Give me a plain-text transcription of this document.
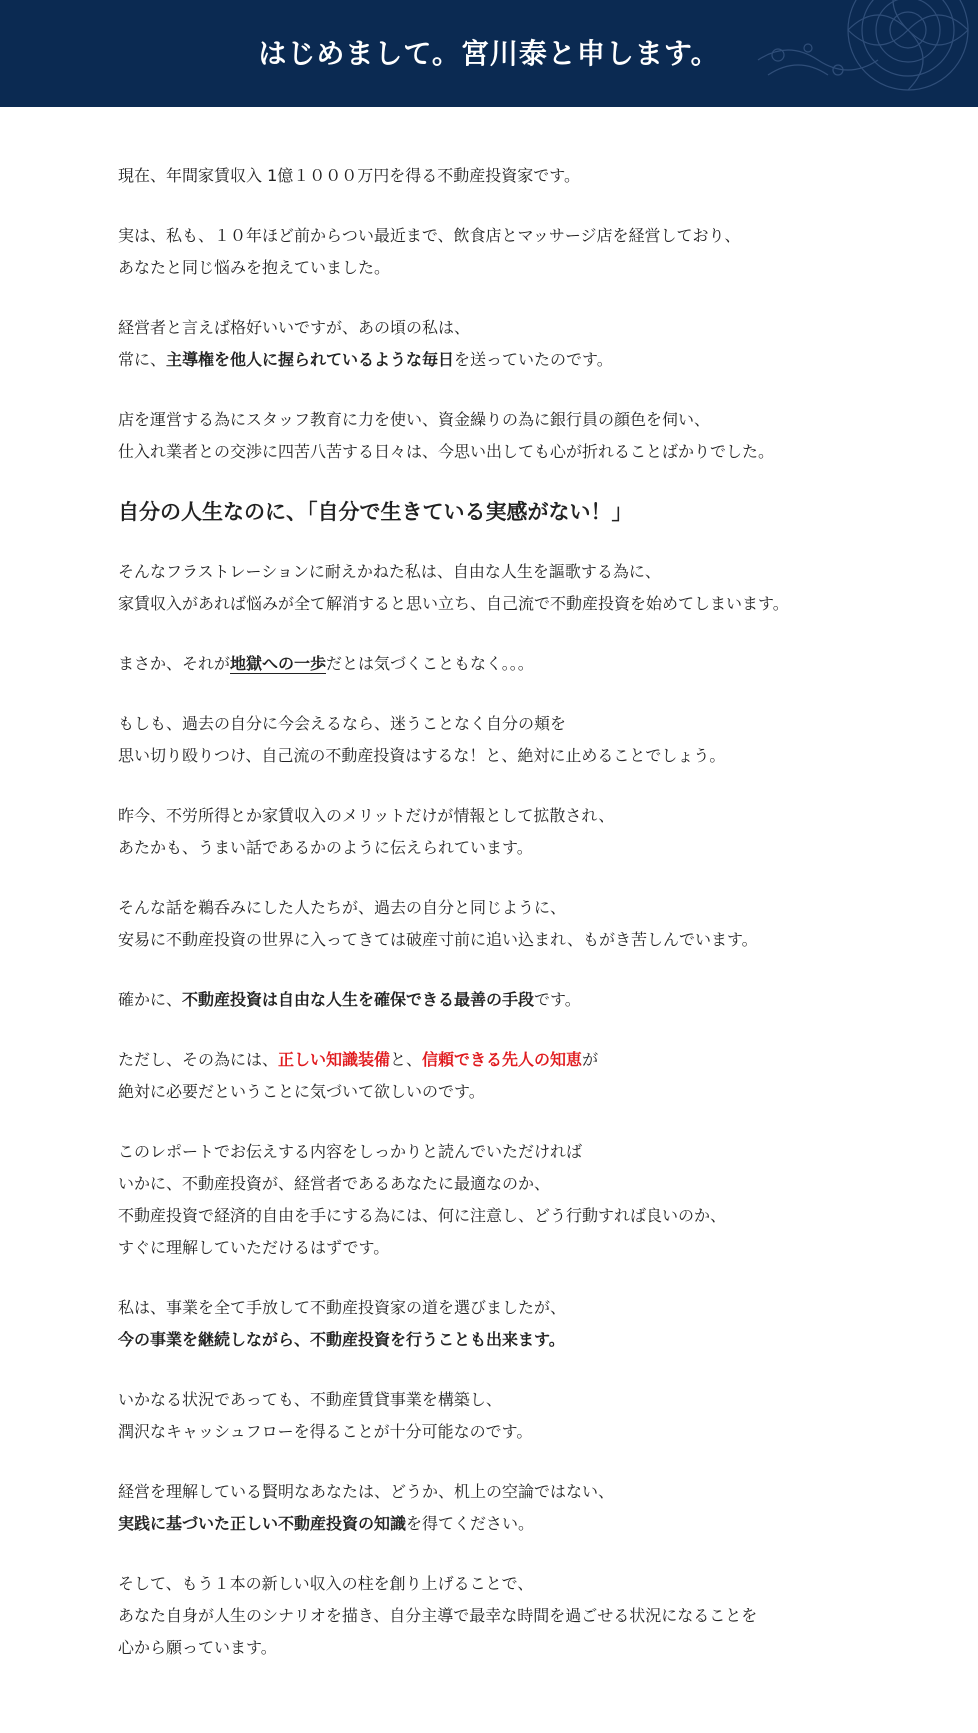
はじめまして。宮川泰と申します。
現在、年間家賃収入 1億１０００万円を得る不動産投資家です。
実は、私も、１０年ほど前からつい最近まで、飲食店とマッサージ店を経営しており、
あなたと同じ悩みを抱えていました。
経営者と言えば格好いいですが、あの頃の私は、
常に、主導権を他人に握られているような毎日を送っていたのです。
店を運営する為にスタッフ教育に力を使い、資金繰りの為に銀行員の顔色を伺い、
仕入れ業者との交渉に四苦八苦する日々は、今思い出しても心が折れることばかりでした。
自分の人生なのに、「自分で生きている実感がない！」
そんなフラストレーションに耐えかねた私は、自由な人生を謳歌する為に、
家賃収入があれば悩みが全て解消すると思い立ち、自己流で不動産投資を始めてしまいます。
まさか、それが地獄への一歩だとは気づくこともなく。。。
もしも、過去の自分に今会えるなら、迷うことなく自分の頬を
思い切り殴りつけ、自己流の不動産投資はするな！と、絶対に止めることでしょう。
昨今、不労所得とか家賃収入のメリットだけが情報として拡散され、
あたかも、うまい話であるかのように伝えられています。
そんな話を鵜呑みにした人たちが、過去の自分と同じように、
安易に不動産投資の世界に入ってきては破産寸前に追い込まれ、もがき苦しんでいます。
確かに、不動産投資は自由な人生を確保できる最善の手段です。
ただし、その為には、正しい知識装備と、信頼できる先人の知恵が
絶対に必要だということに気づいて欲しいのです。
このレポートでお伝えする内容をしっかりと読んでいただければ
いかに、不動産投資が、経営者であるあなたに最適なのか、
不動産投資で経済的自由を手にする為には、何に注意し、どう行動すれば良いのか、
すぐに理解していただけるはずです。
私は、事業を全て手放して不動産投資家の道を選びましたが、
今の事業を継続しながら、不動産投資を行うことも出来ます。
いかなる状況であっても、不動産賃貸事業を構築し、
潤沢なキャッシュフローを得ることが十分可能なのです。
経営を理解している賢明なあなたは、どうか、机上の空論ではない、
実践に基づいた正しい不動産投資の知識を得てください。
そして、もう１本の新しい収入の柱を創り上げることで、
あなた自身が人生のシナリオを描き、自分主導で最幸な時間を過ごせる状況になることを
心から願っています。
